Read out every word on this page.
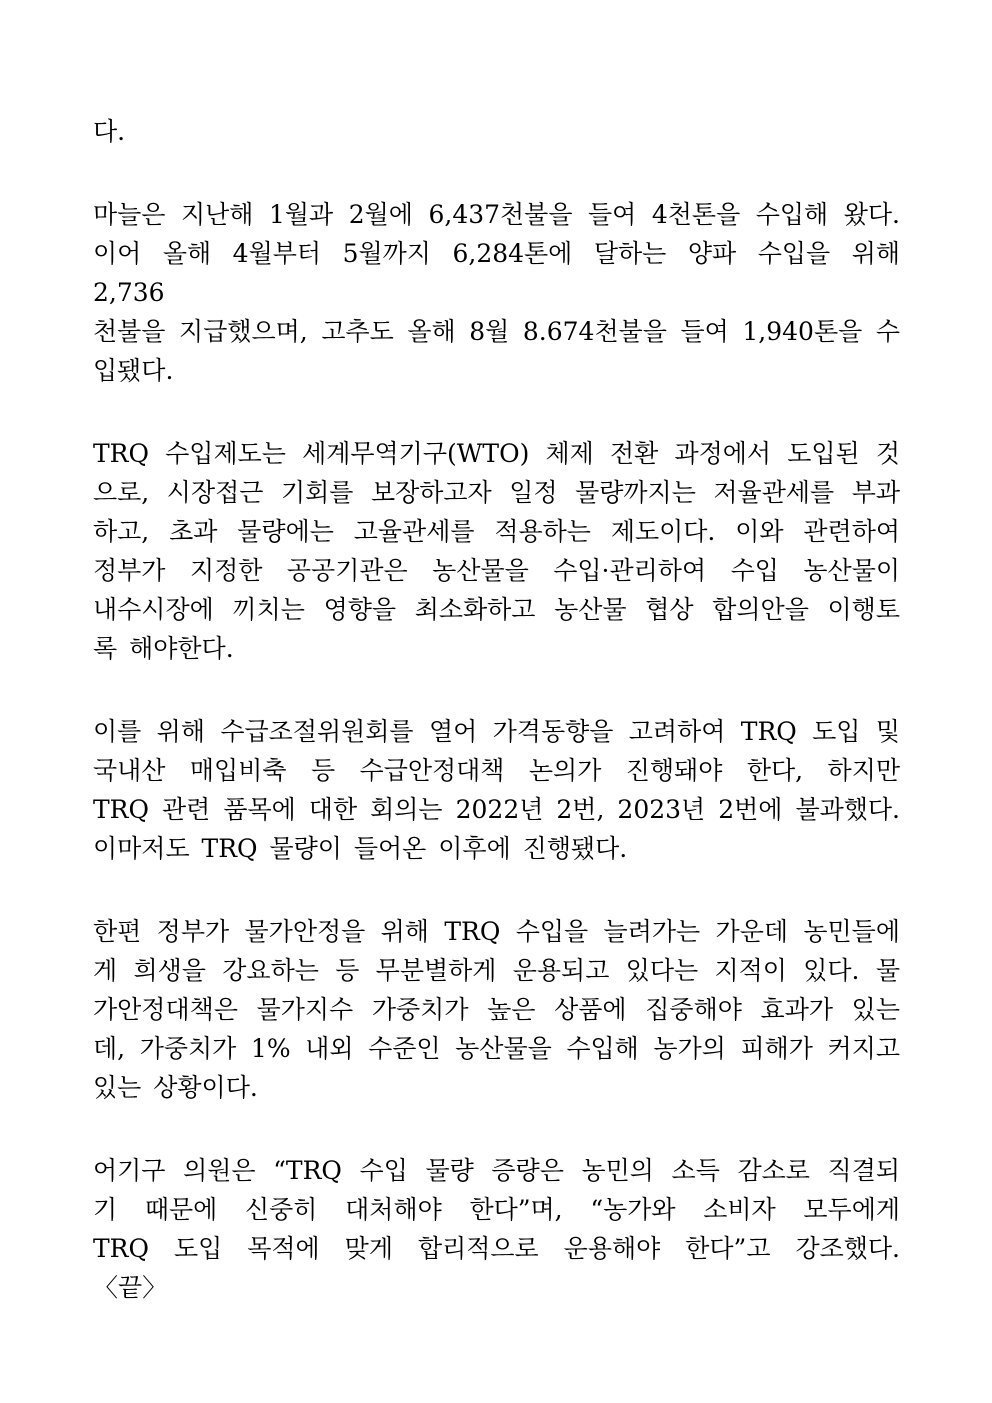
다.
마늘은 지난해 1월과 2월에 6,437천불을 들여 4천톤을 수입해 왔다.
이어 올해 4월부터 5월까지 6,284톤에 달하는 양파 수입을 위해 2,736
천불을 지급했으며, 고추도 올해 8월 8.674천불을 들여 1,940톤을 수
입됐다.
TRQ 수입제도는 세계무역기구(WTO) 체제 전환 과정에서 도입된 것
으로, 시장접근 기회를 보장하고자 일정 물량까지는 저율관세를 부과
하고, 초과 물량에는 고율관세를 적용하는 제도이다. 이와 관련하여
정부가 지정한 공공기관은 농산물을 수입·관리하여 수입 농산물이
내수시장에 끼치는 영향을 최소화하고 농산물 협상 합의안을 이행토
록 해야한다.
이를 위해 수급조절위원회를 열어 가격동향을 고려하여 TRQ 도입 및
국내산 매입비축 등 수급안정대책 논의가 진행돼야 한다, 하지만
TRQ 관련 품목에 대한 회의는 2022년 2번, 2023년 2번에 불과했다.
이마저도 TRQ 물량이 들어온 이후에 진행됐다.
한편 정부가 물가안정을 위해 TRQ 수입을 늘려가는 가운데 농민들에
게 희생을 강요하는 등 무분별하게 운용되고 있다는 지적이 있다. 물
가안정대책은 물가지수 가중치가 높은 상품에 집중해야 효과가 있는
데, 가중치가 1% 내외 수준인 농산물을 수입해 농가의 피해가 커지고
있는 상황이다.
어기구 의원은 “TRQ 수입 물량 증량은 농민의 소득 감소로 직결되
기 때문에 신중히 대처해야 한다”며, “농가와 소비자 모두에게
TRQ 도입 목적에 맞게 합리적으로 운용해야 한다”고 강조했다.
〈끝〉
